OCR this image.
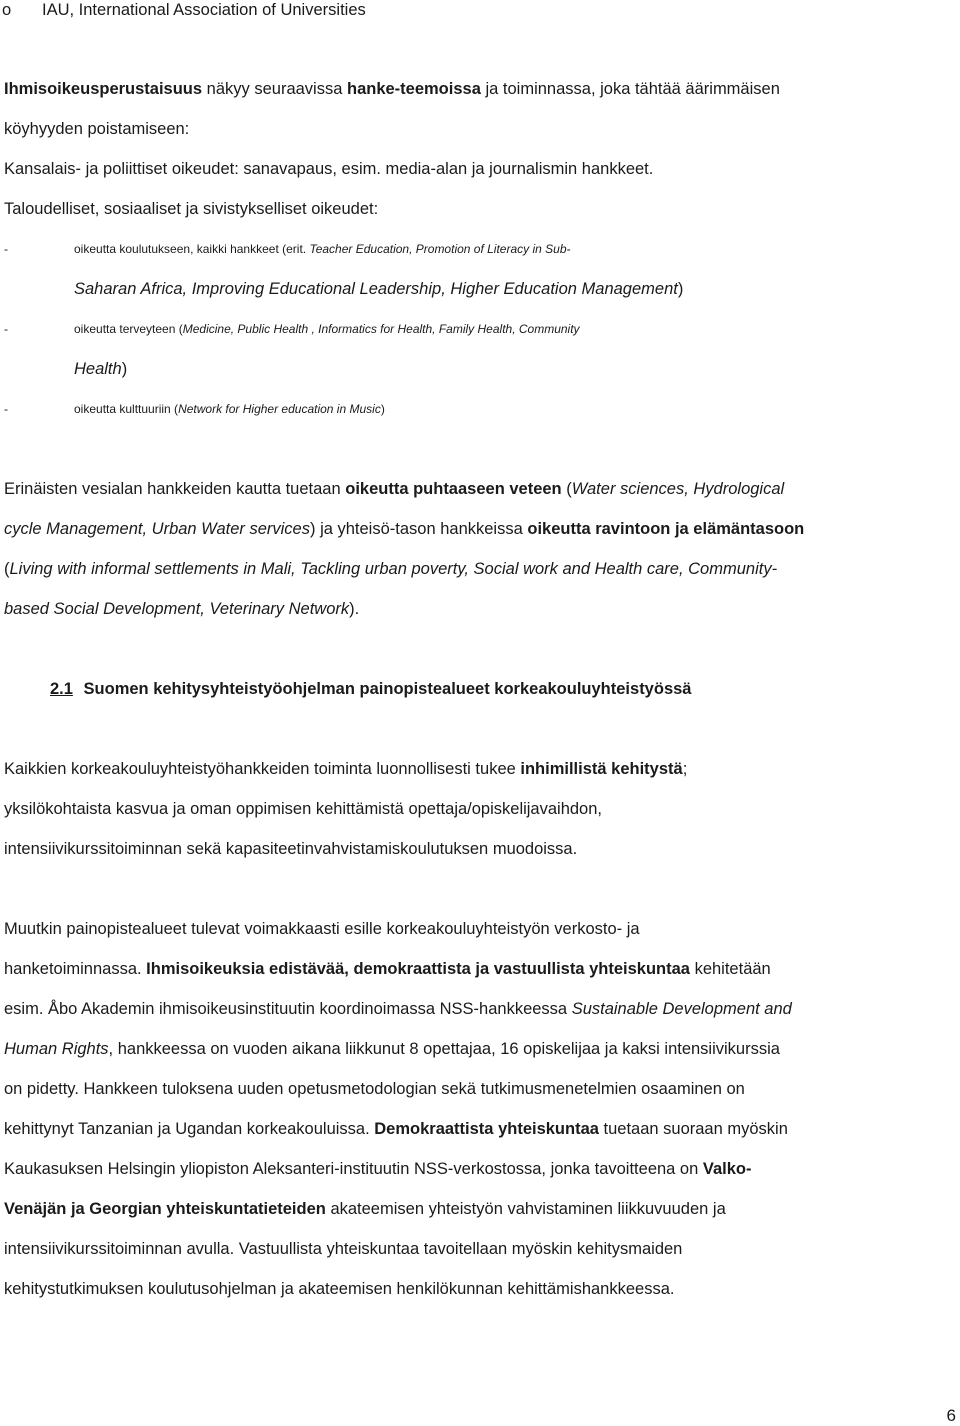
o IAU, International Association of Universities
Ihmisoikeusperustaisuus näkyy seuraavissa hanke-teemoissa ja toiminnassa, joka tähtää äärimmäisen
köyhyyden poistamiseen:
Kansalais- ja poliittiset oikeudet: sanavapaus, esim. media-alan ja journalismin hankkeet.
Taloudelliset, sosiaaliset ja sivistykselliset oikeudet:
-	oikeutta koulutukseen, kaikki hankkeet (erit. Teacher Education, Promotion of Literacy in Sub-
Saharan Africa, Improving Educational Leadership, Higher Education Management)
-	oikeutta terveyteen (Medicine, Public Health , Informatics for Health, Family Health, Community
Health)
-	oikeutta kulttuuriin (Network for Higher education in Music)
Erinäisten vesialan hankkeiden kautta tuetaan oikeutta puhtaaseen veteen (Water sciences, Hydrological
cycle Management, Urban Water services) ja yhteisö-tason hankkeissa oikeutta ravintoon ja elämäntasoon
(Living with informal settlements in Mali, Tackling urban poverty, Social work and Health care, Community-
based Social Development, Veterinary Network).
2.1 Suomen kehitysyhteistyöohjelman painopistealueet korkeakouluyhteistyössä
Kaikkien korkeakouluyhteistyöhankkeiden toiminta luonnollisesti tukee inhimillistä kehitystä;
yksilökohtaista kasvua ja oman oppimisen kehittämistä opettaja/opiskelijavaihdon,
intensiivikurssitoiminnan sekä kapasiteetinvahvistamiskoulutuksen muodoissa.
Muutkin painopistealueet tulevat voimakkaasti esille korkeakouluyhteistyön verkosto- ja
hanketoiminnassa. Ihmisoikeuksia edistävää, demokraattista ja vastuullista yhteiskuntaa kehitetään
esim. Åbo Akademin ihmisoikeusinstituutin koordinoimassa NSS-hankkeessa Sustainable Development and
Human Rights, hankkeessa on vuoden aikana liikkunut 8 opettajaa, 16 opiskelijaa ja kaksi intensiivikurssia
on pidetty. Hankkeen tuloksena uuden opetusmetodologian sekä tutkimusmenetelmien osaaminen on
kehittynyt Tanzanian ja Ugandan korkeakouluissa. Demokraattista yhteiskuntaa tuetaan suoraan myöskin
Kaukasuksen Helsingin yliopiston Aleksanteri-instituutin NSS-verkostossa, jonka tavoitteena on Valko-
Venäjän ja Georgian yhteiskuntatieteiden akateemisen yhteistyön vahvistaminen liikkuvuuden ja
intensiivikurssitoiminnan avulla. Vastuullista yhteiskuntaa tavoitellaan myöskin kehitysmaiden
kehitystutkimuksen koulutusohjelman ja akateemisen henkilökunnan kehittämishankkeessa.
6
